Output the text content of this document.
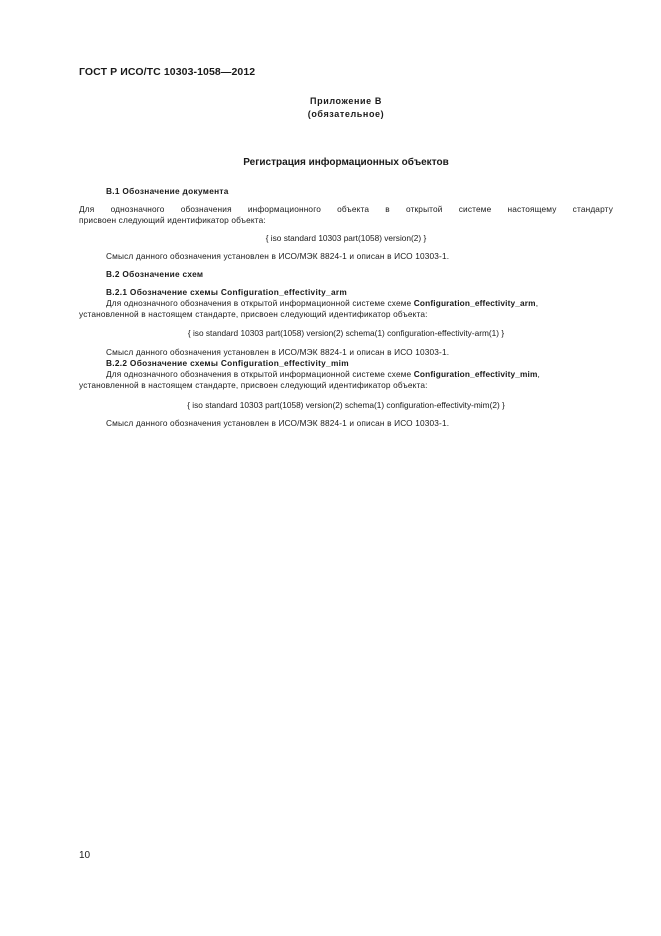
ГОСТ Р ИСО/ТС 10303-1058—2012
Приложение В
(обязательное)
Регистрация информационных объектов
В.1 Обозначение документа
Для однозначного обозначения информационного объекта в открытой системе настоящему стандарту
присвоен следующий идентификатор объекта:
{ iso standard 10303 part(1058) version(2) }
Смысл данного обозначения установлен в ИСО/МЭК 8824-1 и описан в ИСО 10303-1.
В.2 Обозначение схем
В.2.1 Обозначение схемы Configuration_effectivity_arm
Для однозначного обозначения в открытой информационной системе схеме Configuration_effectivity_arm,
установленной в настоящем стандарте, присвоен следующий идентификатор объекта:
{ iso standard 10303 part(1058) version(2) schema(1) configuration-effectivity-arm(1) }
Смысл данного обозначения установлен в ИСО/МЭК 8824-1 и описан в ИСО 10303-1.
В.2.2 Обозначение схемы Configuration_effectivity_mim
Для однозначного обозначения в открытой информационной системе схеме Configuration_effectivity_mim,
установленной в настоящем стандарте, присвоен следующий идентификатор объекта:
{ iso standard 10303 part(1058) version(2) schema(1) configuration-effectivity-mim(2) }
Смысл данного обозначения установлен в ИСО/МЭК 8824-1 и описан в ИСО 10303-1.
10
